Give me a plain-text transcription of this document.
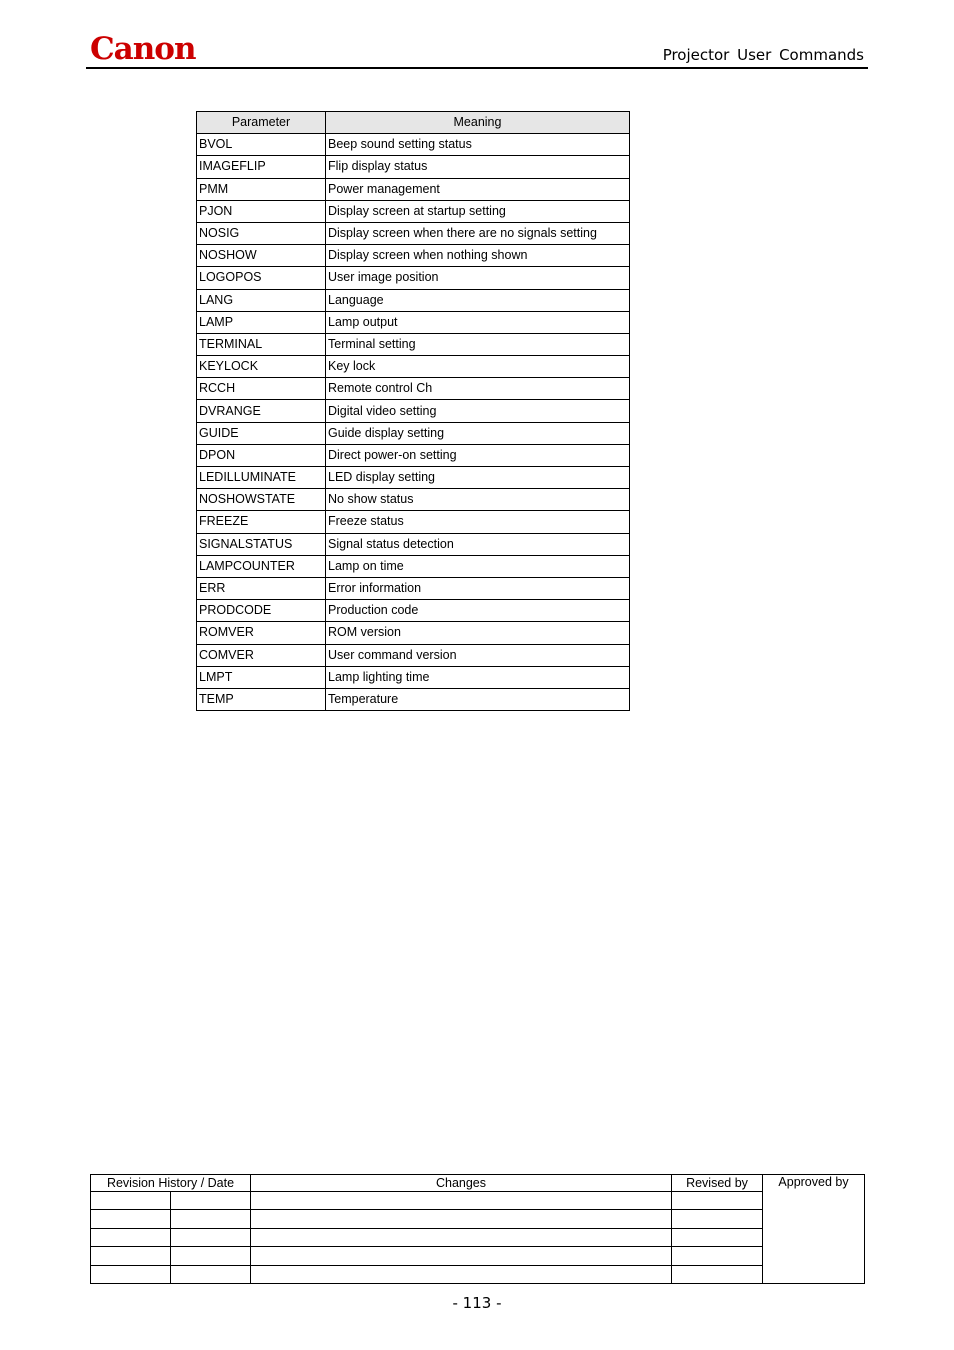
Canon	Projector User Commands
Parameter	Meaning
BVOL	Beep sound setting status
IMAGEFLIP	Flip display status
PMM	Power management
PJON	Display screen at startup setting
NOSIG	Display screen when there are no signals setting
NOSHOW	Display screen when nothing shown
LOGOPOS	User image position
LANG	Language
LAMP	Lamp output
TERMINAL	Terminal setting
KEYLOCK	Key lock
RCCH	Remote control Ch
DVRANGE	Digital video setting
GUIDE	Guide display setting
DPON	Direct power-on setting
LEDILLUMINATE	LED display setting
NOSHOWSTATE	No show status
FREEZE	Freeze status
SIGNALSTATUS	Signal status detection
LAMPCOUNTER	Lamp on time
ERR	Error information
PRODCODE	Production code
ROMVER	ROM version
COMVER	User command version
LMPT	Lamp lighting time
TEMP	Temperature
Revision History / Date		Changes	Revised by	Approved by

- 113 -
